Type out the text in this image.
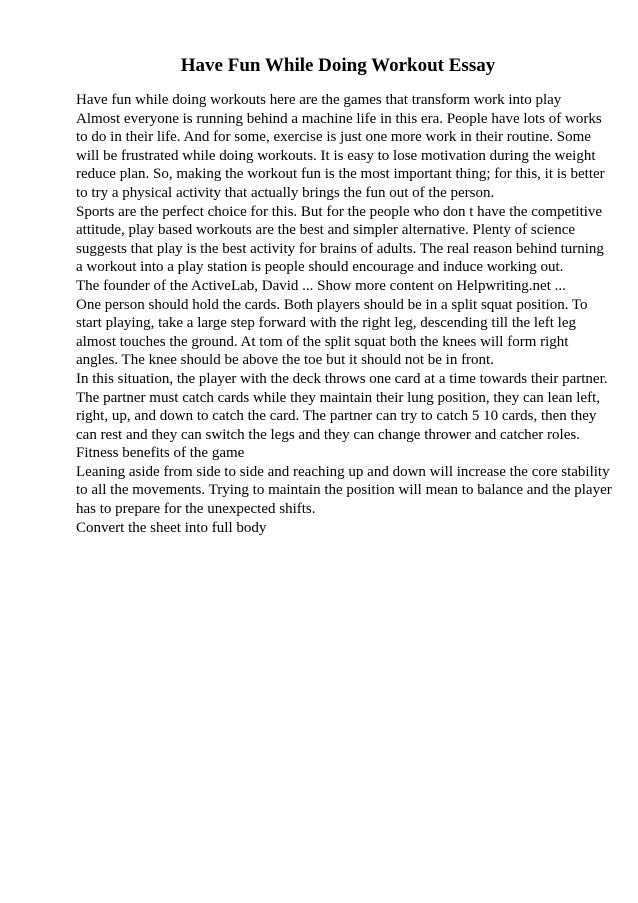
Have Fun While Doing Workout Essay
Have fun while doing workouts here are the games that transform work into play
Almost everyone is running behind a machine life in this era. People have lots of works
to do in their life. And for some, exercise is just one more work in their routine. Some
will be frustrated while doing workouts. It is easy to lose motivation during the weight
reduce plan. So, making the workout fun is the most important thing; for this, it is better
to try a physical activity that actually brings the fun out of the person.
Sports are the perfect choice for this. But for the people who don t have the competitive
attitude, play based workouts are the best and simpler alternative. Plenty of science
suggests that play is the best activity for brains of adults. The real reason behind turning
a workout into a play station is people should encourage and induce working out.
The founder of the ActiveLab, David ... Show more content on Helpwriting.net ...
One person should hold the cards. Both players should be in a split squat position. To
start playing, take a large step forward with the right leg, descending till the left leg
almost touches the ground. At tom of the split squat both the knees will form right
angles. The knee should be above the toe but it should not be in front.
In this situation, the player with the deck throws one card at a time towards their partner.
The partner must catch cards while they maintain their lung position, they can lean left,
right, up, and down to catch the card. The partner can try to catch 5 10 cards, then they
can rest and they can switch the legs and they can change thrower and catcher roles.
Fitness benefits of the game
Leaning aside from side to side and reaching up and down will increase the core stability
to all the movements. Trying to maintain the position will mean to balance and the player
has to prepare for the unexpected shifts.
Convert the sheet into full body
